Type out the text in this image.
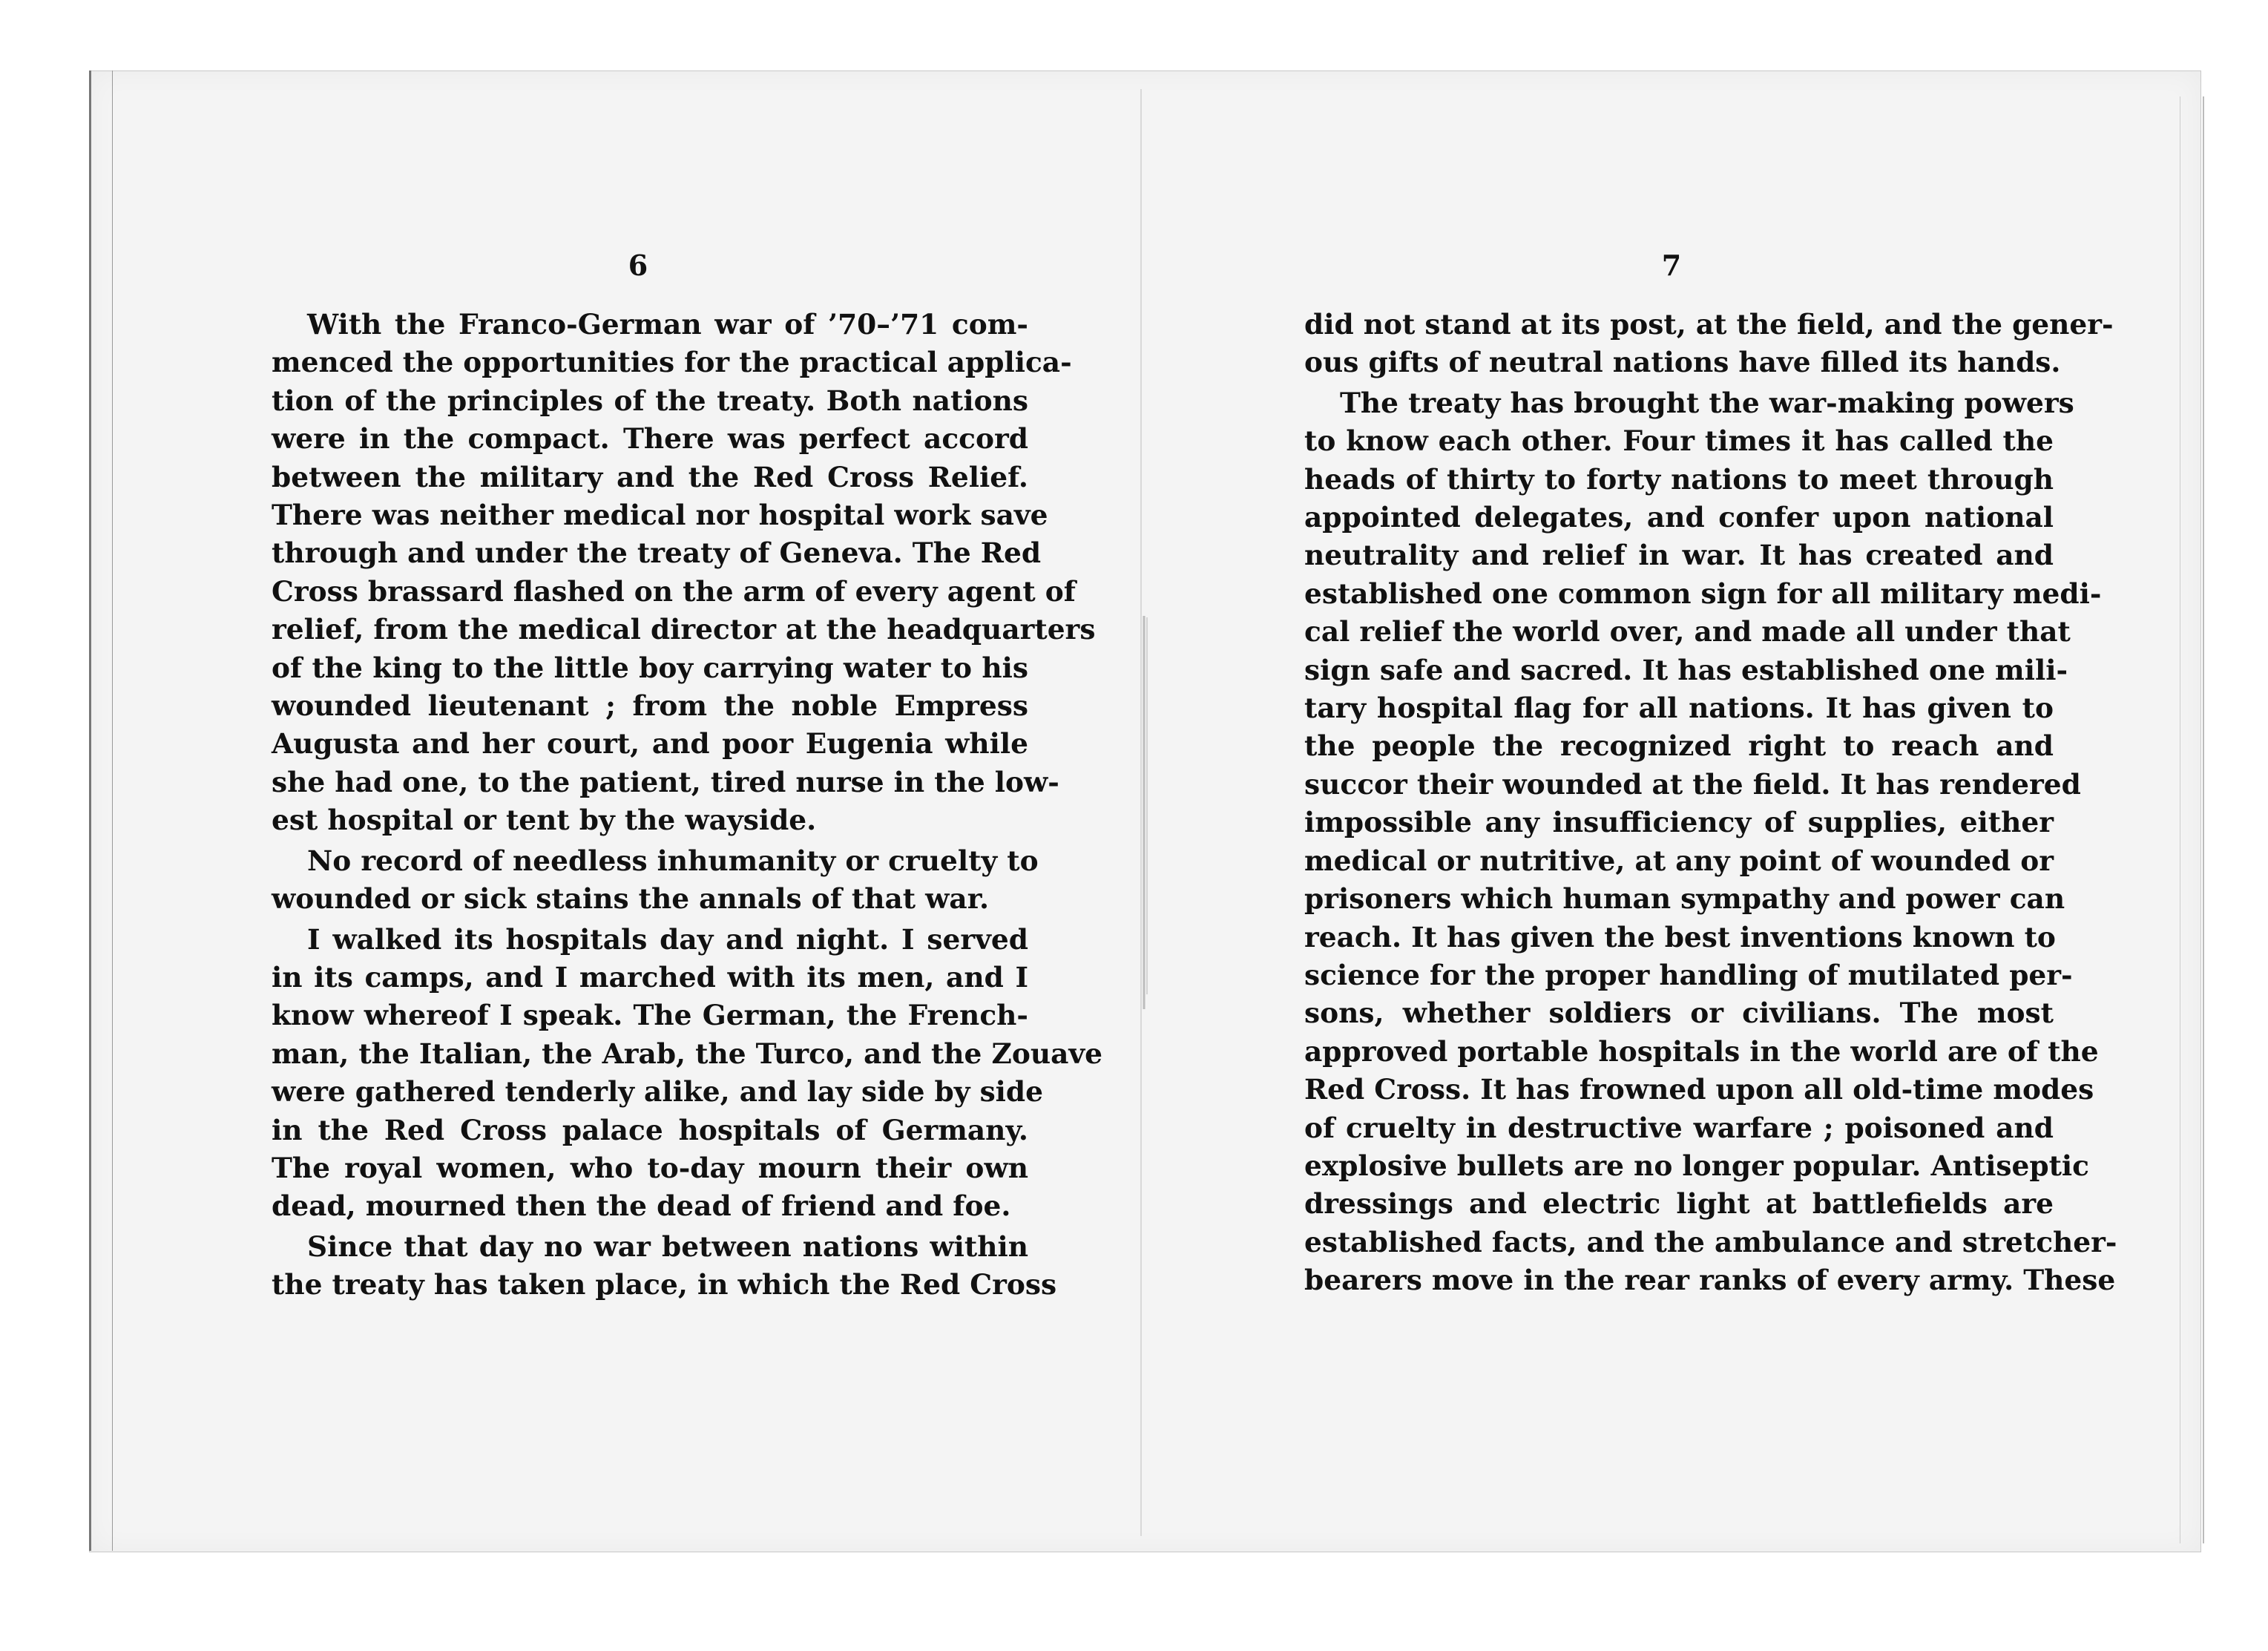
6	7
With the Franco-German war of ’70–’71 com-
menced the opportunities for the practical applica-
tion of the principles of the treaty. Both nations
were in the compact. There was perfect accord
between the military and the Red Cross Relief.
There was neither medical nor hospital work save
through and under the treaty of Geneva. The Red
Cross brassard flashed on the arm of every agent of
relief, from the medical director at the headquarters
of the king to the little boy carrying water to his
wounded lieutenant ; from the noble Empress
Augusta and her court, and poor Eugenia while
she had one, to the patient, tired nurse in the low-
est hospital or tent by the wayside.
No record of needless inhumanity or cruelty to
wounded or sick stains the annals of that war.
I walked its hospitals day and night. I served
in its camps, and I marched with its men, and I
know whereof I speak. The German, the French-
man, the Italian, the Arab, the Turco, and the Zouave
were gathered tenderly alike, and lay side by side
in the Red Cross palace hospitals of Germany.
The royal women, who to-day mourn their own
dead, mourned then the dead of friend and foe.
Since that day no war between nations within
the treaty has taken place, in which the Red Cross
did not stand at its post, at the field, and the gener-
ous gifts of neutral nations have filled its hands.
The treaty has brought the war-making powers
to know each other. Four times it has called the
heads of thirty to forty nations to meet through
appointed delegates, and confer upon national
neutrality and relief in war. It has created and
established one common sign for all military medi-
cal relief the world over, and made all under that
sign safe and sacred. It has established one mili-
tary hospital flag for all nations. It has given to
the people the recognized right to reach and
succor their wounded at the field. It has rendered
impossible any insufficiency of supplies, either
medical or nutritive, at any point of wounded or
prisoners which human sympathy and power can
reach. It has given the best inventions known to
science for the proper handling of mutilated per-
sons, whether soldiers or civilians. The most
approved portable hospitals in the world are of the
Red Cross. It has frowned upon all old-time modes
of cruelty in destructive warfare ; poisoned and
explosive bullets are no longer popular. Antiseptic
dressings and electric light at battlefields are
established facts, and the ambulance and stretcher-
bearers move in the rear ranks of every army. These
